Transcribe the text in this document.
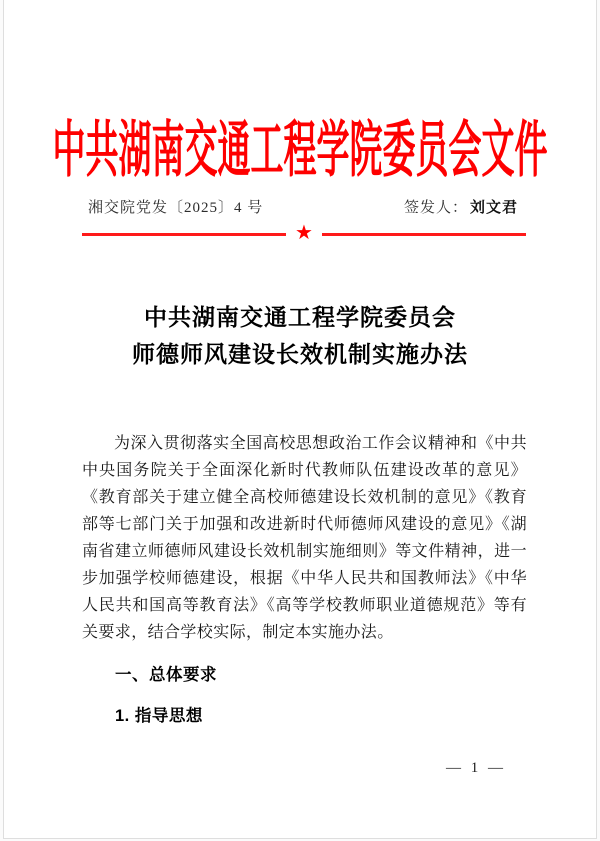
中共湖南交通工程学院委员会文件
湘交院党发〔2025〕4 号	签发人： 刘文君
★
中共湖南交通工程学院委员会
师德师风建设长效机制实施办法

为深入贯彻落实全国高校思想政治工作会议精神和《中共中央国务院关于全面深化新时代教师队伍建设改革的意见》《教育部关于建立健全高校师德建设长效机制的意见》《教育部等七部门关于加强和改进新时代师德师风建设的意见》《湖南省建立师德师风建设长效机制实施细则》等文件精神，进一步加强学校师德建设，根据《中华人民共和国教师法》《中华人民共和国高等教育法》《高等学校教师职业道德规范》等有关要求，结合学校实际，制定本实施办法。

一、总体要求
1. 指导思想
— 1 —
